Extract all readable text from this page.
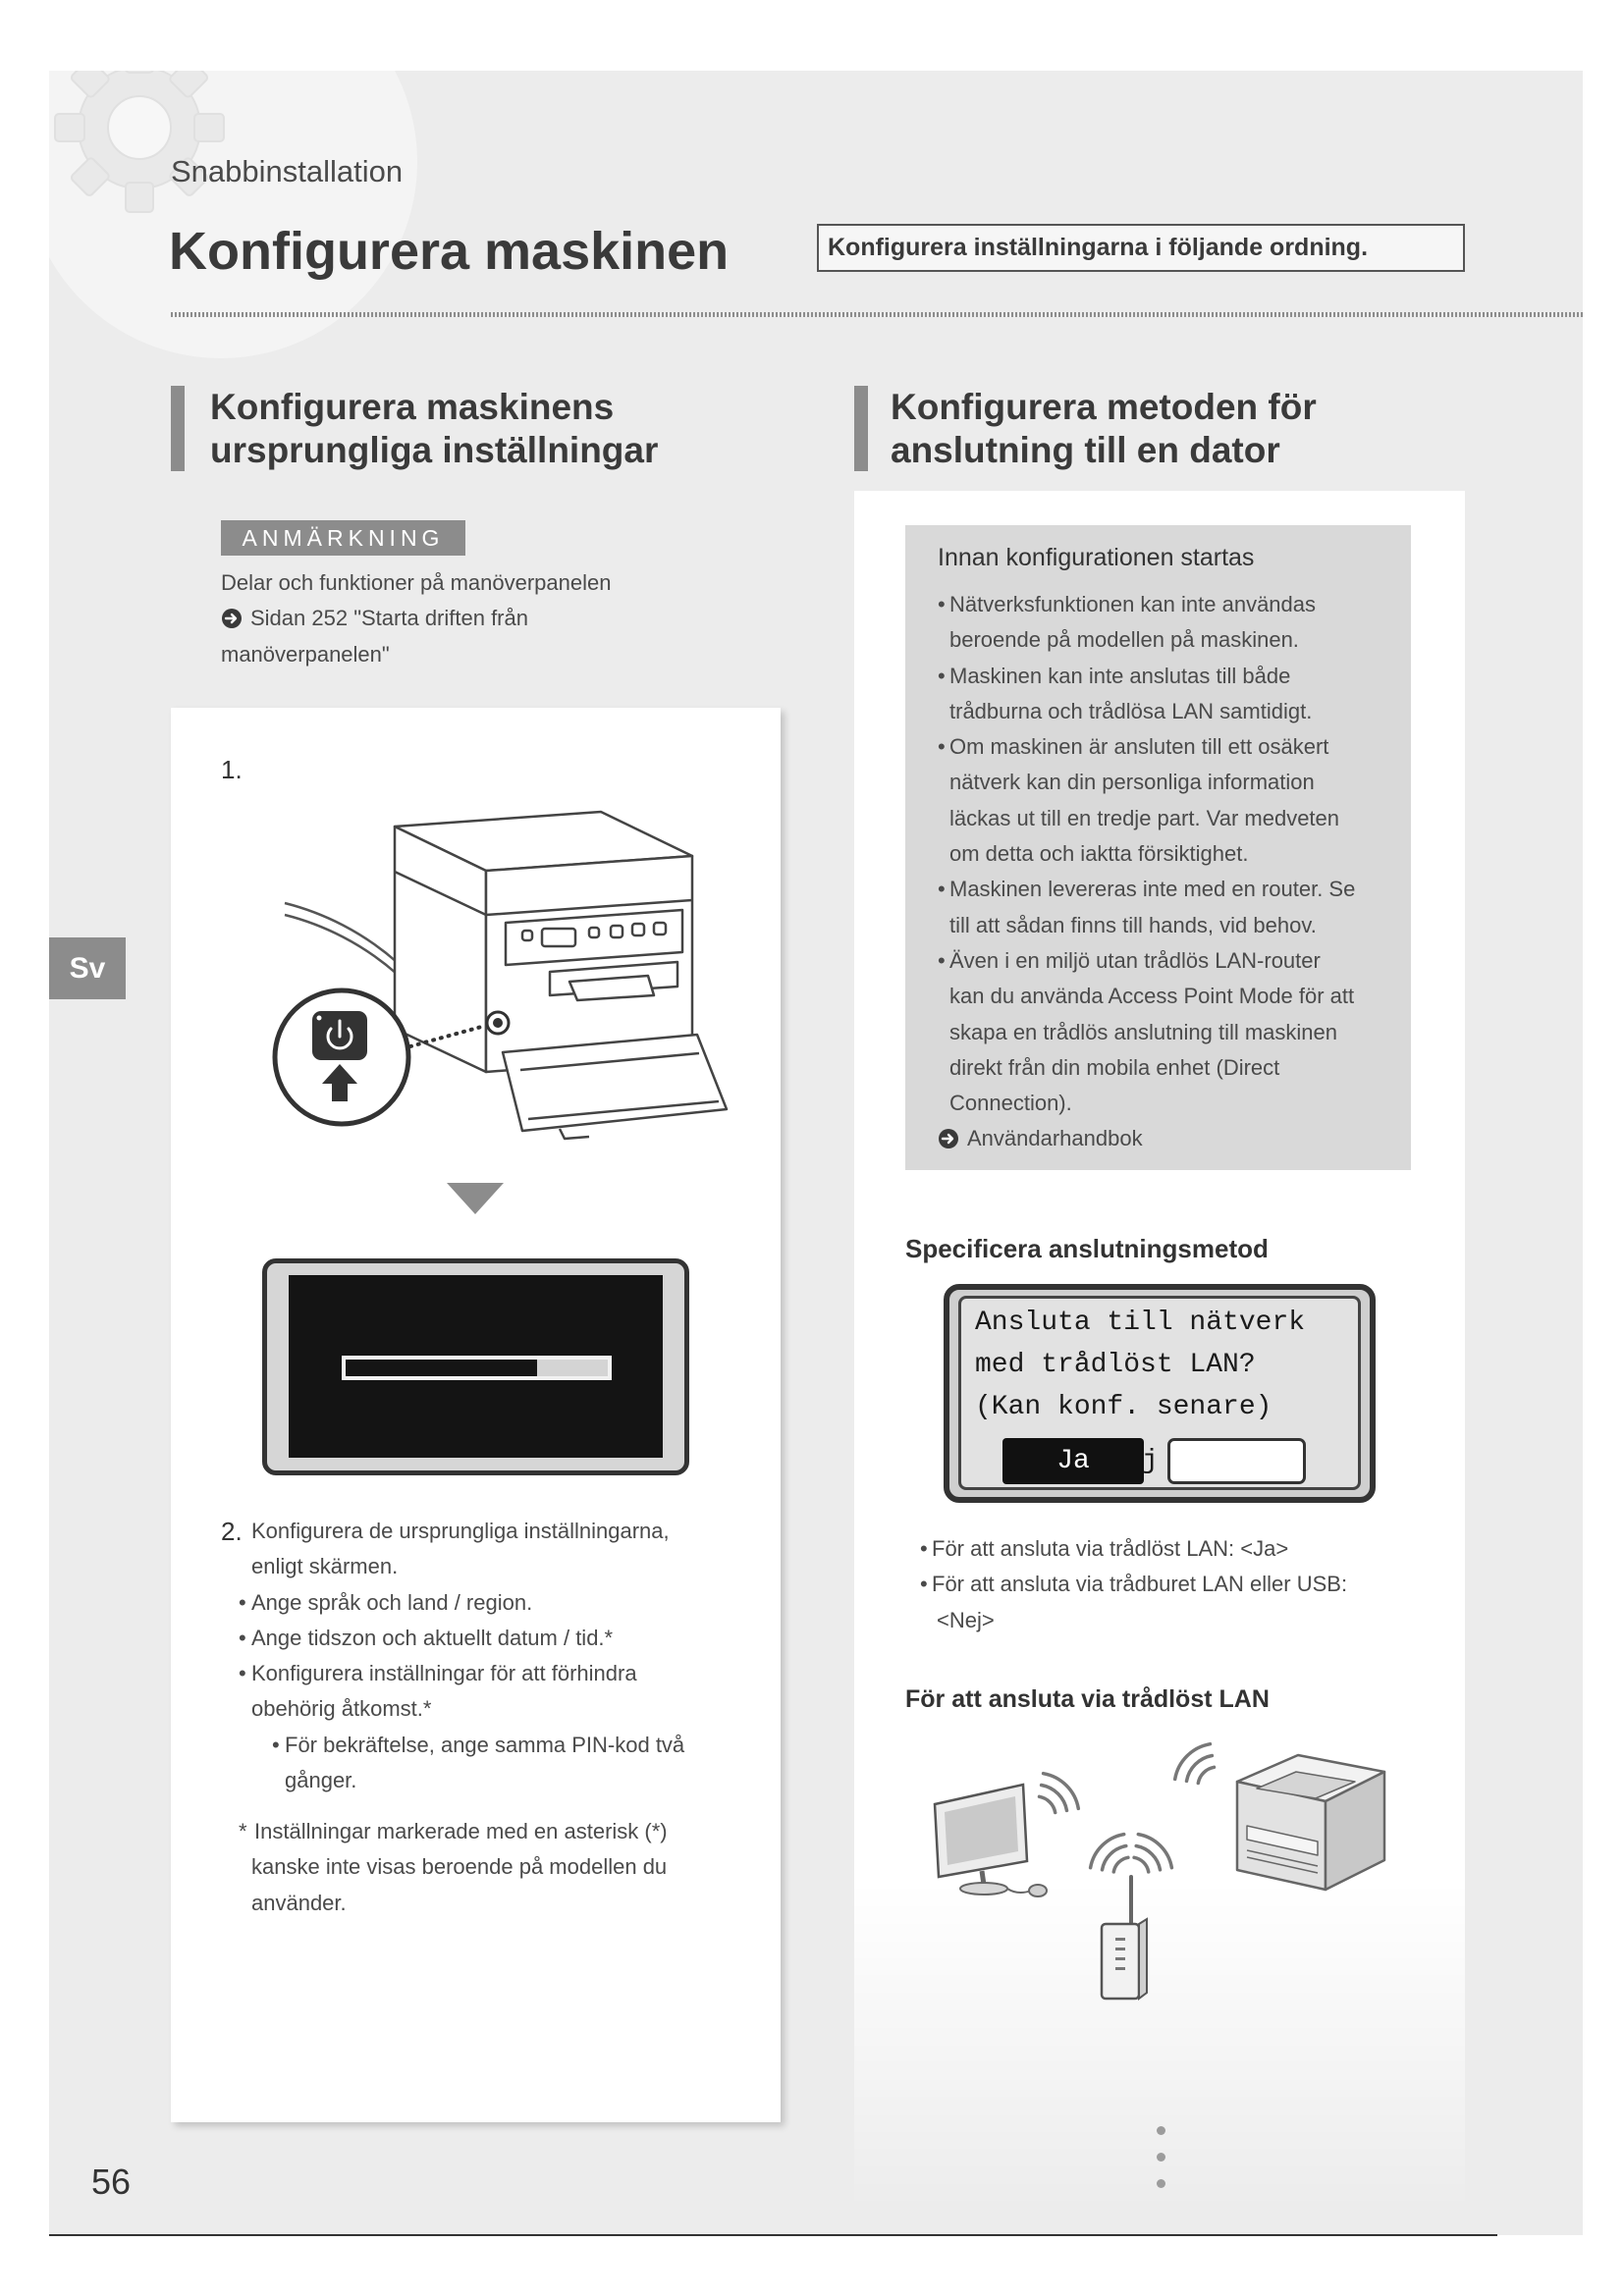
Snabbinstallation
Konfigurera maskinen	Konfigurera inställningarna i följande ordning.
Konfigurera maskinens
ursprungliga inställningar
Konfigurera metoden för
anslutning till en dator
ANMÄRKNING
Delar och funktioner på manöverpanelen
Sidan 252 "Starta driften från
manöverpanelen"
Sv
1.
2. Konfigurera de ursprungliga inställningarna,
enligt skärmen.
• Ange språk och land / region.
• Ange tidszon och aktuellt datum / tid.*
• Konfigurera inställningar för att förhindra
obehörig åtkomst.*
• För bekräftelse, ange samma PIN-kod två
gånger.
* Inställningar markerade med en asterisk (*)
kanske inte visas beroende på modellen du
använder.
Innan konfigurationen startas
• Nätverksfunktionen kan inte användas
beroende på modellen på maskinen.
• Maskinen kan inte anslutas till både
trådburna och trådlösa LAN samtidigt.
• Om maskinen är ansluten till ett osäkert
nätverk kan din personliga information
läckas ut till en tredje part. Var medveten
om detta och iaktta försiktighet.
• Maskinen levereras inte med en router. Se
till att sådan finns till hands, vid behov.
• Även i en miljö utan trådlös LAN-router
kan du använda Access Point Mode för att
skapa en trådlös anslutning till maskinen
direkt från din mobila enhet (Direct
Connection).
Användarhandbok
Specificera anslutningsmetod
Ansluta till nätverk
med trådlöst LAN?
(Kan konf. senare)
Ja	j
• För att ansluta via trådlöst LAN: <Ja>
• För att ansluta via trådburet LAN eller USB:
<Nej>
För att ansluta via trådlöst LAN
56
